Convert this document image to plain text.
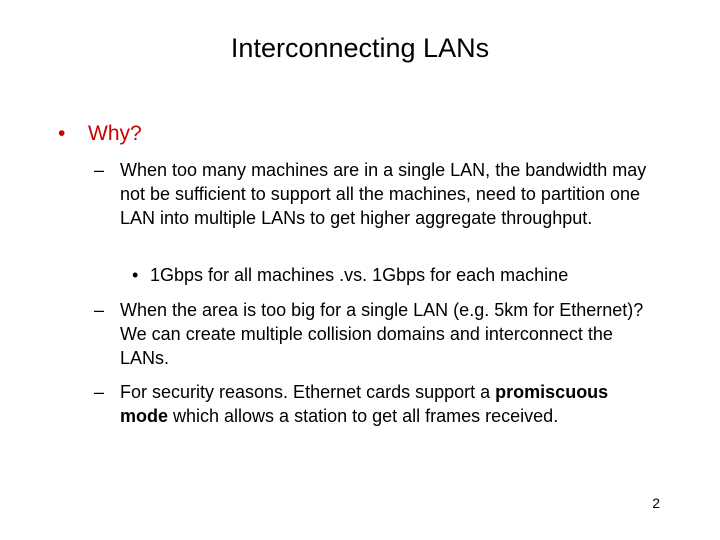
Interconnecting LANs
• Why?
– When too many machines are in a single LAN, the bandwidth may not be sufficient to support all the machines, need to partition one LAN into multiple LANs to get higher aggregate throughput.
• 1Gbps for all machines .vs. 1Gbps for each machine
– When the area is too big for a single LAN (e.g. 5km for Ethernet)? We can create multiple collision domains and interconnect the LANs.
– For security reasons. Ethernet cards support a promiscuous mode which allows a station to get all frames received.
2
